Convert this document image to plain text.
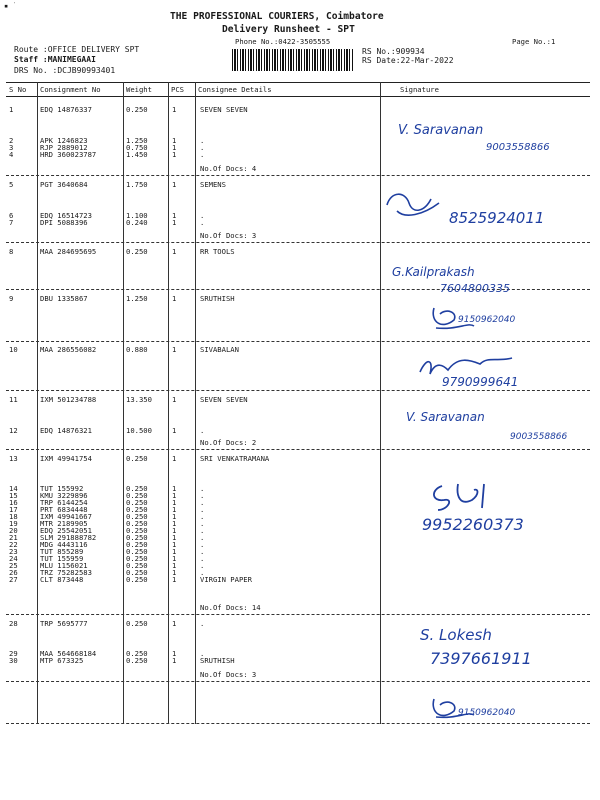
▪ ˙
THE PROFESSIONAL COURIERS, Coimbatore
Delivery Runsheet - SPT
Phone No.:0422-3505555	Page No.:1
Route :OFFICE DELIVERY SPT
Staff :MANIMEGAAI
DRS No. :DCJB90993401
RS No.:909934
RS Date:22-Mar-2022
S No Consignment No	Weight	PCS Consignee Details	Signature
1	EDQ 14876337	0.250	1	SEVEN SEVEN
2	APK 1246823	1.250	1	.
3	RJP 2889012	0.750	1	.
4	HRD 360023787	1.450	1	.
5	PGT 3640684	1.750	1	SEMENS
6	EDQ 16514723	1.100	1	.
7	DPI 5088396	0.240	1	.
8	MAA 284695695	0.250	1	RR TOOLS
9	DBU 1335867	1.250	1	SRUTHISH
10	MAA 286556082	0.880	1	SIVABALAN
11	IXM 501234788	13.350	1	SEVEN SEVEN
12	EDQ 14876321	10.500	1	.
13	IXM 49941754	0.250	1	SRI VENKATRAMANA
14	TUT 155992	0.250	1	.
15	KMU 3229896	0.250	1	.
16	TRP 6144254	0.250	1	.
17	PRT 6834448	0.250	1	.
18	IXM 49941667	0.250	1	.
19	MTR 2189905	0.250	1	.
20	EDQ 25542051	0.250	1	.
21	SLM 291888782	0.250	1	.
22	MDG 4443116	0.250	1	.
23	TUT 855289	0.250	1	.
24	TUT 155959	0.250	1	.
25	MLU 1156021	0.250	1	.
26	TRZ 75282583	0.250	1	.
27	CLT 873448	0.250	1	VIRGIN PAPER
28	TRP 5695777	0.250	1	.
29	MAA 564668184	0.250	1	.
30	MTP 673325	0.250	1	SRUTHISH
No.Of Docs: 4
No.Of Docs: 3
No.Of Docs: 2
No.Of Docs: 14
No.Of Docs: 3
V. Saravanan
9003558866
8525924011
G.Kailprakash
7604800335
9150962040
9790999641
V. Saravanan
9003558866
9952260373
S. Lokesh
7397661911
9150962040
